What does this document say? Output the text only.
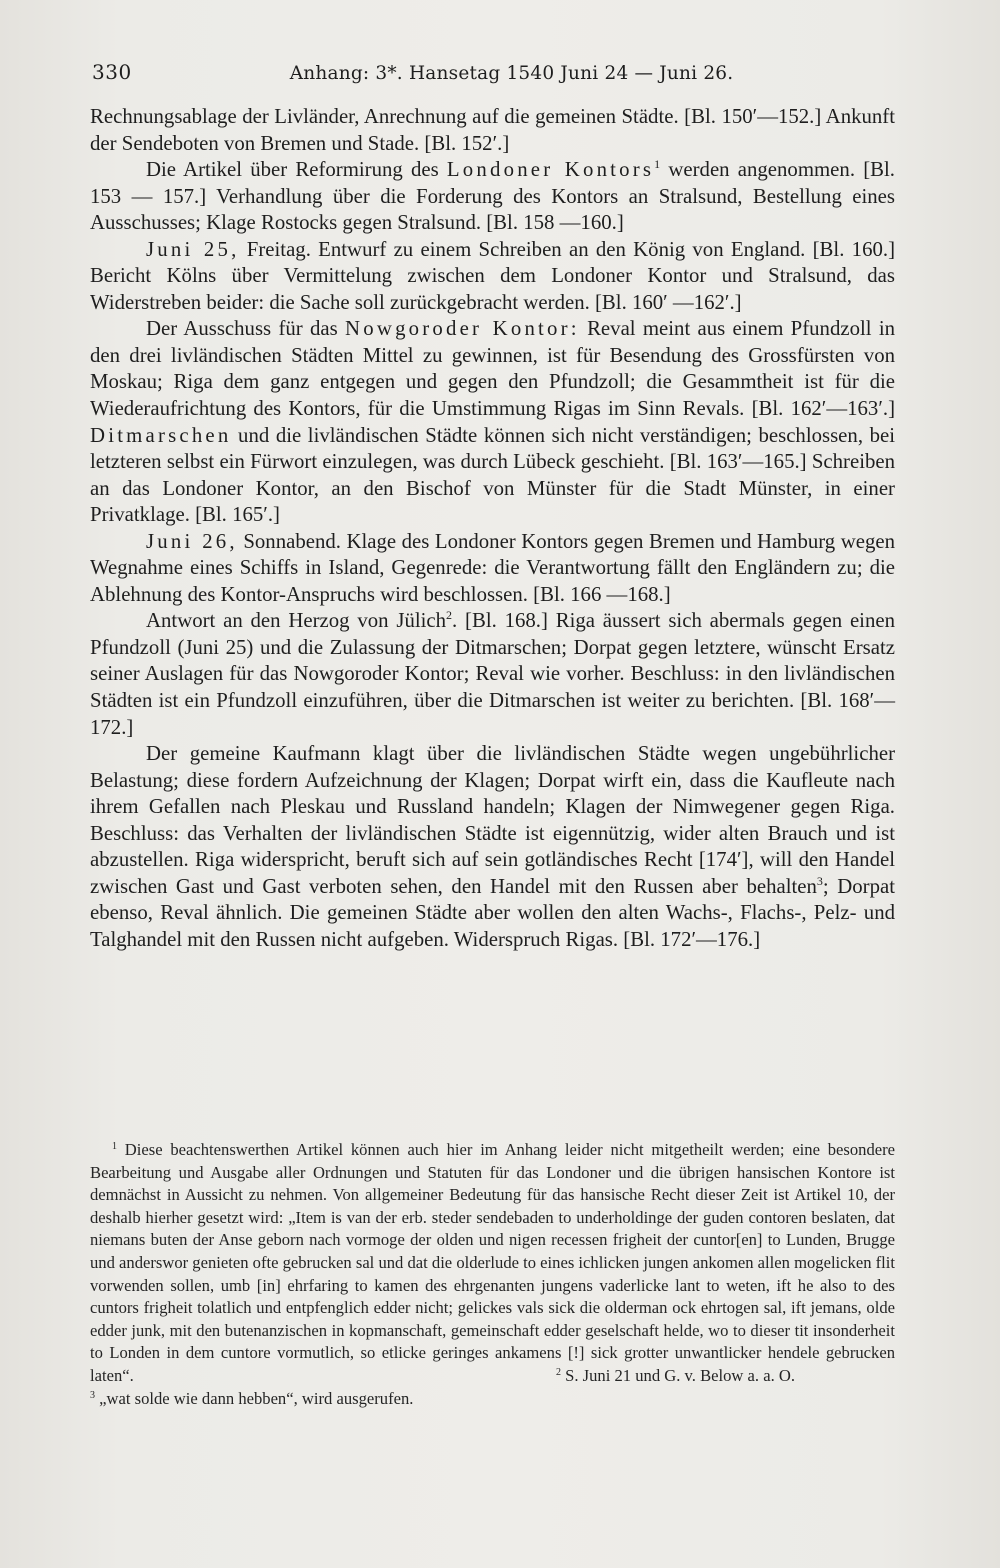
330	Anhang: 3*. Hansetag 1540 Juni 24 — Juni 26.

Rechnungsablage der Livländer, Anrechnung auf die gemeinen Städte. [Bl. 150′—152.] Ankunft der Sendeboten von Bremen und Stade. [Bl. 152′.]

Die Artikel über Reformirung des Londoner Kontors$^1$ werden angenommen. [Bl. 153 — 157.] Verhandlung über die Forderung des Kontors an Stralsund, Bestellung eines Ausschusses; Klage Rostocks gegen Stralsund. [Bl. 158 —160.]

Juni 25, Freitag. Entwurf zu einem Schreiben an den König von England. [Bl. 160.] Bericht Kölns über Vermittelung zwischen dem Londoner Kontor und Stralsund, das Widerstreben beider: die Sache soll zurückgebracht werden. [Bl. 160′ —162′.]

Der Ausschuss für das Nowgoroder Kontor: Reval meint aus einem Pfundzoll in den drei livländischen Städten Mittel zu gewinnen, ist für Besendung des Grossfürsten von Moskau; Riga dem ganz entgegen und gegen den Pfundzoll; die Gesammtheit ist für die Wiederaufrichtung des Kontors, für die Umstimmung Rigas im Sinn Revals. [Bl. 162′—163′.] Ditmarschen und die livländischen Städte können sich nicht verständigen; beschlossen, bei letzteren selbst ein Fürwort einzulegen, was durch Lübeck geschieht. [Bl. 163′—165.] Schreiben an das Londoner Kontor, an den Bischof von Münster für die Stadt Münster, in einer Privatklage. [Bl. 165′.]

Juni 26, Sonnabend. Klage des Londoner Kontors gegen Bremen und Hamburg wegen Wegnahme eines Schiffs in Island, Gegenrede: die Verantwortung fällt den Engländern zu; die Ablehnung des Kontor-Anspruchs wird beschlossen. [Bl. 166 —168.]

Antwort an den Herzog von Jülich$^2$. [Bl. 168.] Riga äussert sich abermals gegen einen Pfundzoll (Juni 25) und die Zulassung der Ditmarschen; Dorpat gegen letztere, wünscht Ersatz seiner Auslagen für das Nowgoroder Kontor; Reval wie vorher. Beschluss: in den livländischen Städten ist ein Pfundzoll einzuführen, über die Ditmarschen ist weiter zu berichten. [Bl. 168′—172.]

Der gemeine Kaufmann klagt über die livländischen Städte wegen ungebührlicher Belastung; diese fordern Aufzeichnung der Klagen; Dorpat wirft ein, dass die Kaufleute nach ihrem Gefallen nach Pleskau und Russland handeln; Klagen der Nimwegener gegen Riga. Beschluss: das Verhalten der livländischen Städte ist eigennützig, wider alten Brauch und ist abzustellen. Riga widerspricht, beruft sich auf sein gotländisches Recht [174′], will den Handel zwischen Gast und Gast verboten sehen, den Handel mit den Russen aber behalten$^3$; Dorpat ebenso, Reval ähnlich. Die gemeinen Städte aber wollen den alten Wachs-, Flachs-, Pelz- und Talghandel mit den Russen nicht aufgeben. Widerspruch Rigas. [Bl. 172′—176.]

$^1$ Diese beachtenswerthen Artikel können auch hier im Anhang leider nicht mitgetheilt werden; eine besondere Bearbeitung und Ausgabe aller Ordnungen und Statuten für das Londoner und die übrigen hansischen Kontore ist demnächst in Aussicht zu nehmen. Von allgemeiner Bedeutung für das hansische Recht dieser Zeit ist Artikel 10, der deshalb hierher gesetzt wird: „Item is van der erb. steder sendebaden to underholdinge der guden contoren beslaten, dat niemans buten der Anse geborn nach vormoge der olden und nigen recessen frigheit der cuntor[en] to Lunden, Brugge und anderswor genieten ofte gebrucken sal und dat die olderlude to eines ichlicken jungen ankomen allen mogelicken flit vorwenden sollen, umb [in] ehrfaring to kamen des ehrgenanten jungens vaderlicke lant to weten, ift he also to des cuntors frigheit tolatlich und entpfenglich edder nicht; gelickes vals sick die olderman ock ehrtogen sal, ift jemans, olde edder junk, mit den butenanzischen in kopmanschaft, gemeinschaft edder geselschaft helde, wo to dieser tit insonderheit to Londen in dem cuntore vormutlich, so etlicke geringes ankamens [!] sick grotter unwantlicker hendele gebrucken laten“.	$^2$ S. Juni 21 und G. v. Below a. a. O.

$^3$ „wat solde wie dann hebben“, wird ausgerufen.
